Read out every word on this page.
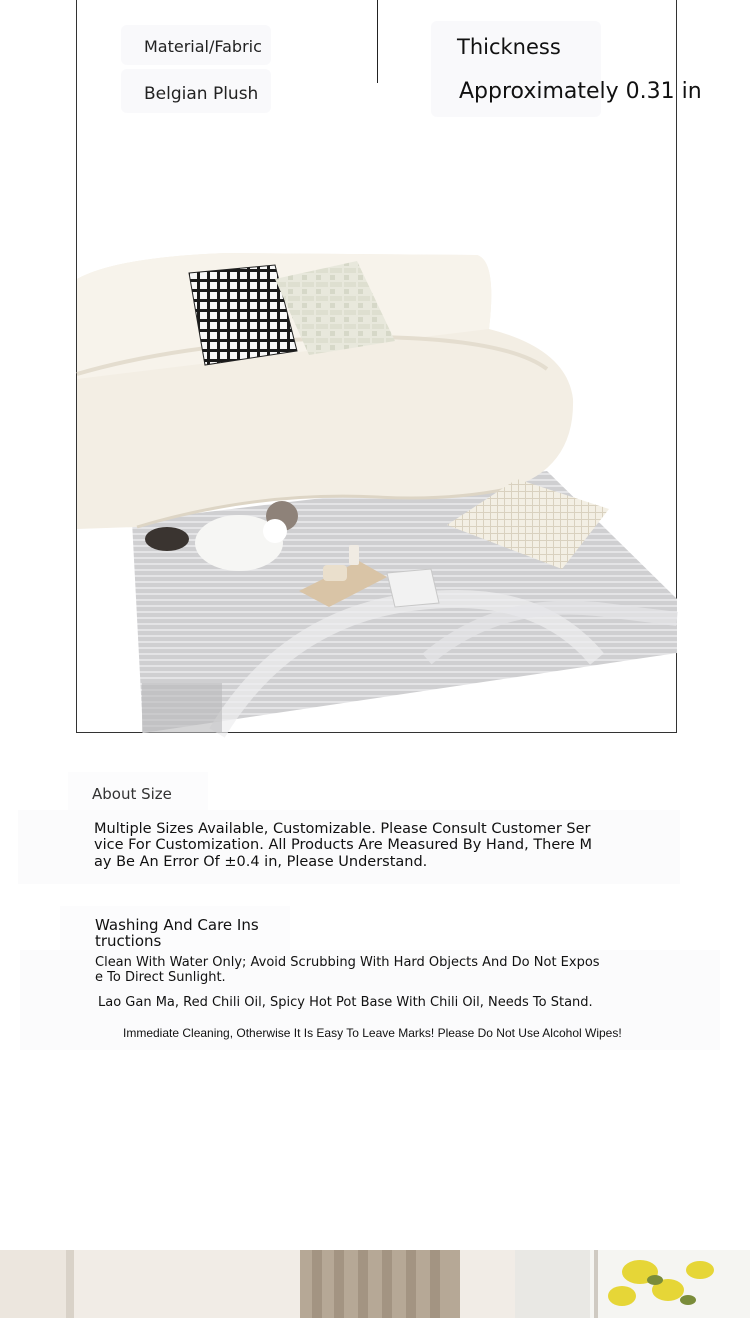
Material/Fabric
Belgian Plush
Thickness
Approximately 0.31 in
About Size
Multiple Sizes Available, Customizable. Please Consult Customer Ser
vice For Customization. All Products Are Measured By Hand, There M
ay Be An Error Of ±0.4 in, Please Understand.
Washing And Care Ins
tructions
Clean With Water Only; Avoid Scrubbing With Hard Objects And Do Not Expos
e To Direct Sunlight.
Lao Gan Ma, Red Chili Oil, Spicy Hot Pot Base With Chili Oil, Needs To Stand.
Immediate Cleaning, Otherwise It Is Easy To Leave Marks! Please Do Not Use Alcohol Wipes!
